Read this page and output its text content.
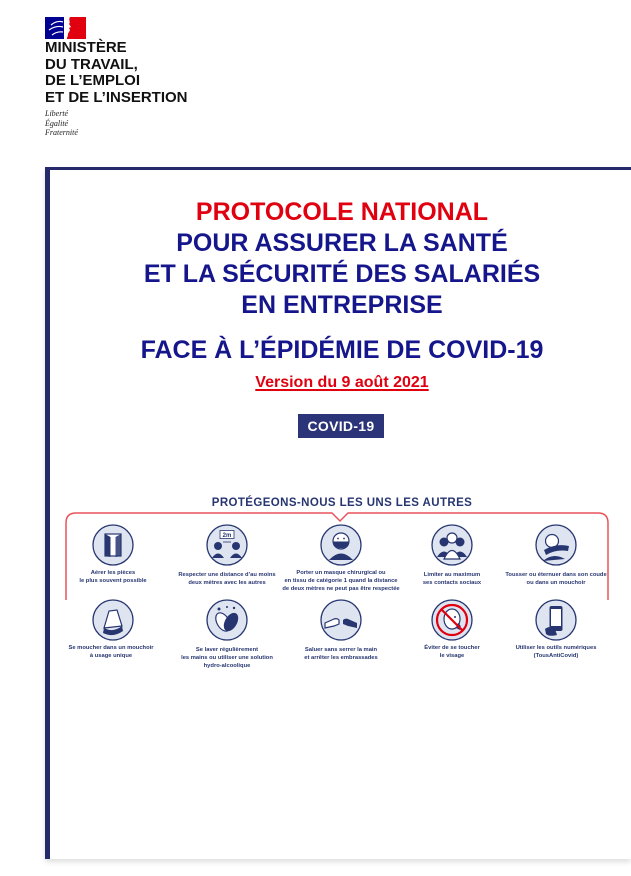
MINISTÈRE
DU TRAVAIL,
DE L’EMPLOI
ET DE L’INSERTION
Liberté
Égalité
Fraternité
PROTOCOLE NATIONAL
POUR ASSURER LA SANTÉ
ET LA SÉCURITÉ DES SALARIÉS
EN ENTREPRISE
FACE À L’ÉPIDÉMIE DE COVID-19
Version du 9 août 2021
COVID-19
PROTÉGEONS-NOUS LES UNS LES AUTRES
2m
Aérer les pièces
le plus souvent possible
Respecter une distance d’au moins
deux mètres avec les autres
Porter un masque chirurgical ou
en tissu de catégorie 1 quand la distance
de deux mètres ne peut pas être respectée
Limiter au maximum
ses contacts sociaux
Tousser ou éternuer dans son coude
ou dans un mouchoir
Se moucher dans un mouchoir
à usage unique
Se laver régulièrement
les mains ou utiliser une solution
hydro-alcoolique
Saluer sans serrer la main
et arrêter les embrassades
Éviter de se toucher
le visage
Utiliser les outils numériques
(TousAntiCovid)
